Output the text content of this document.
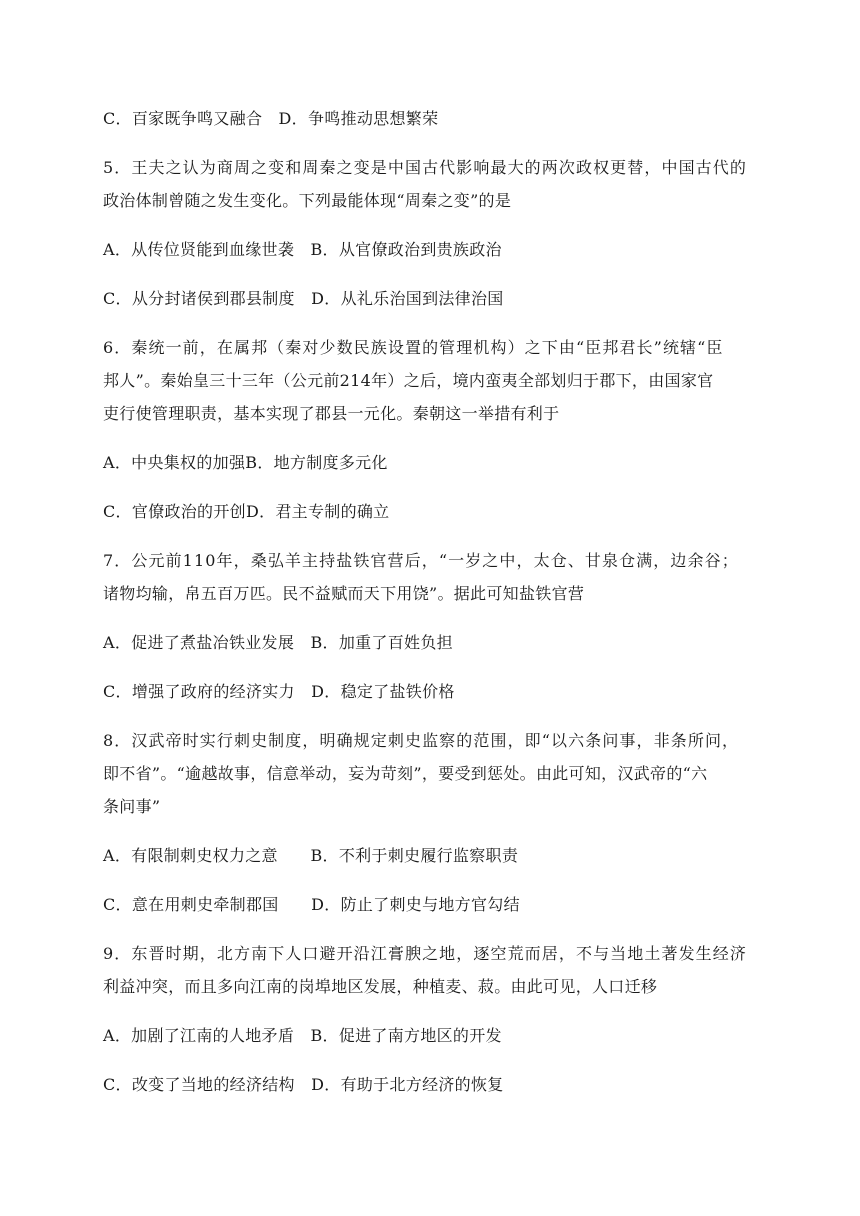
C．百家既争鸣又融合　D．争鸣推动思想繁荣
5．王夫之认为商周之变和周秦之变是中国古代影响最大的两次政权更替，中国古代的
政治体制曾随之发生变化。下列最能体现“周秦之变”的是
A．从传位贤能到血缘世袭　B．从官僚政治到贵族政治
C．从分封诸侯到郡县制度　D．从礼乐治国到法律治国
6．秦统一前，在属邦（秦对少数民族设置的管理机构）之下由“臣邦君长”统辖“臣
邦人”。秦始皇三十三年（公元前214年）之后，境内蛮夷全部划归于郡下，由国家官
吏行使管理职责，基本实现了郡县一元化。秦朝这一举措有利于
A．中央集权的加强B．地方制度多元化
C．官僚政治的开创D．君主专制的确立
7．公元前110年，桑弘羊主持盐铁官营后，“一岁之中，太仓、甘泉仓满，边余谷；
诸物均输，帛五百万匹。民不益赋而天下用饶”。据此可知盐铁官营
A．促进了煮盐冶铁业发展　B．加重了百姓负担
C．增强了政府的经济实力　D．稳定了盐铁价格
8．汉武帝时实行刺史制度，明确规定刺史监察的范围，即“以六条问事，非条所问，
即不省”。“逾越故事，信意举动，妄为苛刻”，要受到惩处。由此可知，汉武帝的“六
条问事”
A．有限制刺史权力之意　　B．不利于刺史履行监察职责
C．意在用刺史牵制郡国　　D．防止了刺史与地方官勾结
9．东晋时期，北方南下人口避开沿江膏腴之地，逐空荒而居，不与当地土著发生经济
利益冲突，而且多向江南的岗埠地区发展，种植麦、菽。由此可见，人口迁移
A．加剧了江南的人地矛盾　B．促进了南方地区的开发
C．改变了当地的经济结构　D．有助于北方经济的恢复
